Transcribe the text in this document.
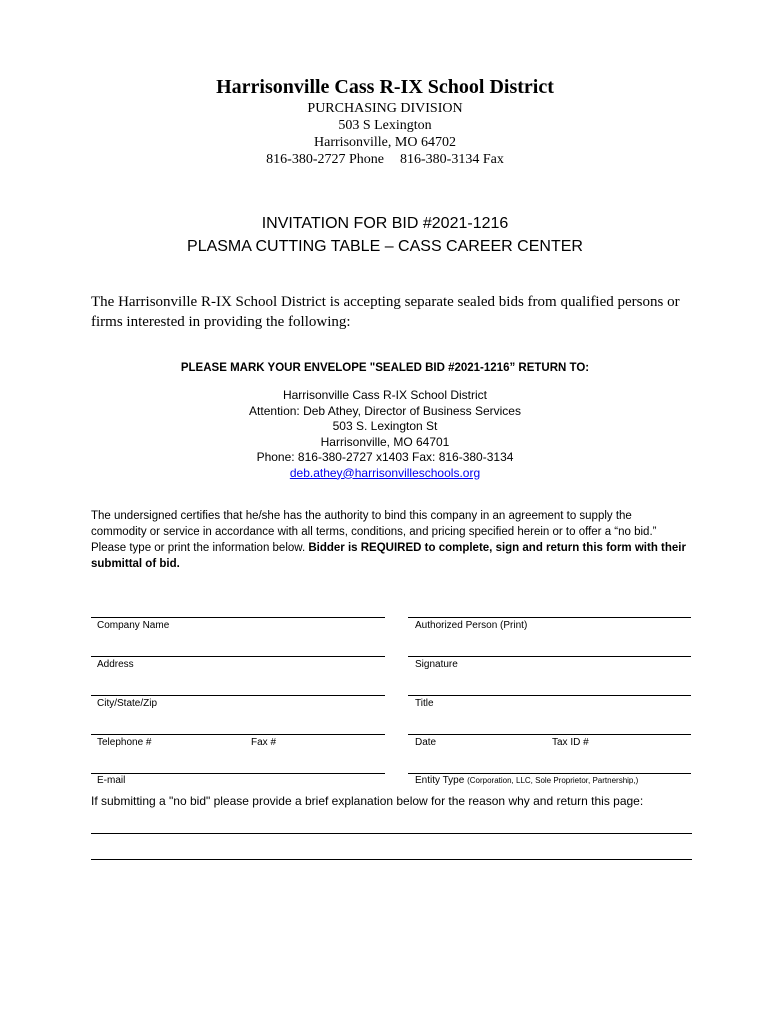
Harrisonville Cass R-IX School District
PURCHASING DIVISION
503 S Lexington
Harrisonville, MO 64702
816-380-2727 Phone 816-380-3134 Fax
INVITATION FOR BID #2021-1216
PLASMA CUTTING TABLE – CASS CAREER CENTER
The Harrisonville R-IX School District is accepting separate sealed bids from qualified persons or firms interested in providing the following:
PLEASE MARK YOUR ENVELOPE "SEALED BID #2021-1216” RETURN TO:
Harrisonville Cass R-IX School District
Attention: Deb Athey, Director of Business Services
503 S. Lexington St
Harrisonville, MO 64701
Phone: 816-380-2727 x1403 Fax: 816-380-3134
deb.athey@harrisonvilleschools.org
The undersigned certifies that he/she has the authority to bind this company in an agreement to supply the commodity or service in accordance with all terms, conditions, and pricing specified herein or to offer a “no bid.” Please type or print the information below. Bidder is REQUIRED to complete, sign and return this form with their submittal of bid.
Company Name	Authorized Person (Print)
Address	Signature
City/State/Zip	Title
Telephone #	Fax #	Date	Tax ID #
E-mail	Entity Type (Corporation, LLC, Sole Proprietor, Partnership,)
If submitting a "no bid" please provide a brief explanation below for the reason why and return this page:
